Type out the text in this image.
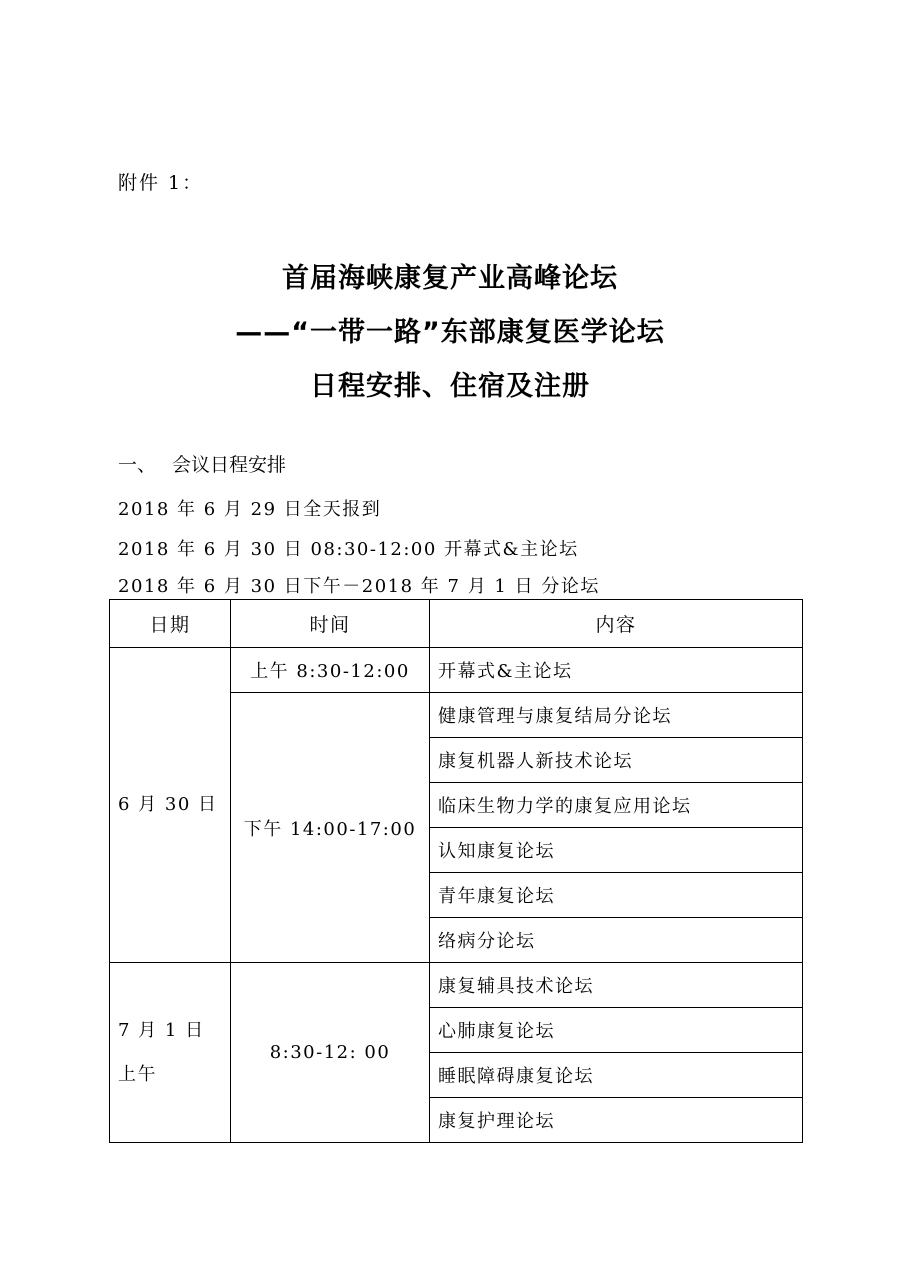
附件 1：
首届海峡康复产业高峰论坛
——“一带一路”东部康复医学论坛
日程安排、住宿及注册
一、 会议日程安排
2018 年 6 月 29 日全天报到
2018 年 6 月 30 日 08:30-12:00 开幕式&主论坛
2018 年 6 月 30 日下午－2018 年 7 月 1 日 分论坛
日期	时间	内容
6 月 30 日	上午 8:30-12:00	开幕式&主论坛
	下午 14:00-17:00	健康管理与康复结局分论坛
		康复机器人新技术论坛
		临床生物力学的康复应用论坛
		认知康复论坛
		青年康复论坛
		络病分论坛
7 月 1 日上午	8:30-12: 00	康复辅具技术论坛
		心肺康复论坛
		睡眠障碍康复论坛
		康复护理论坛
